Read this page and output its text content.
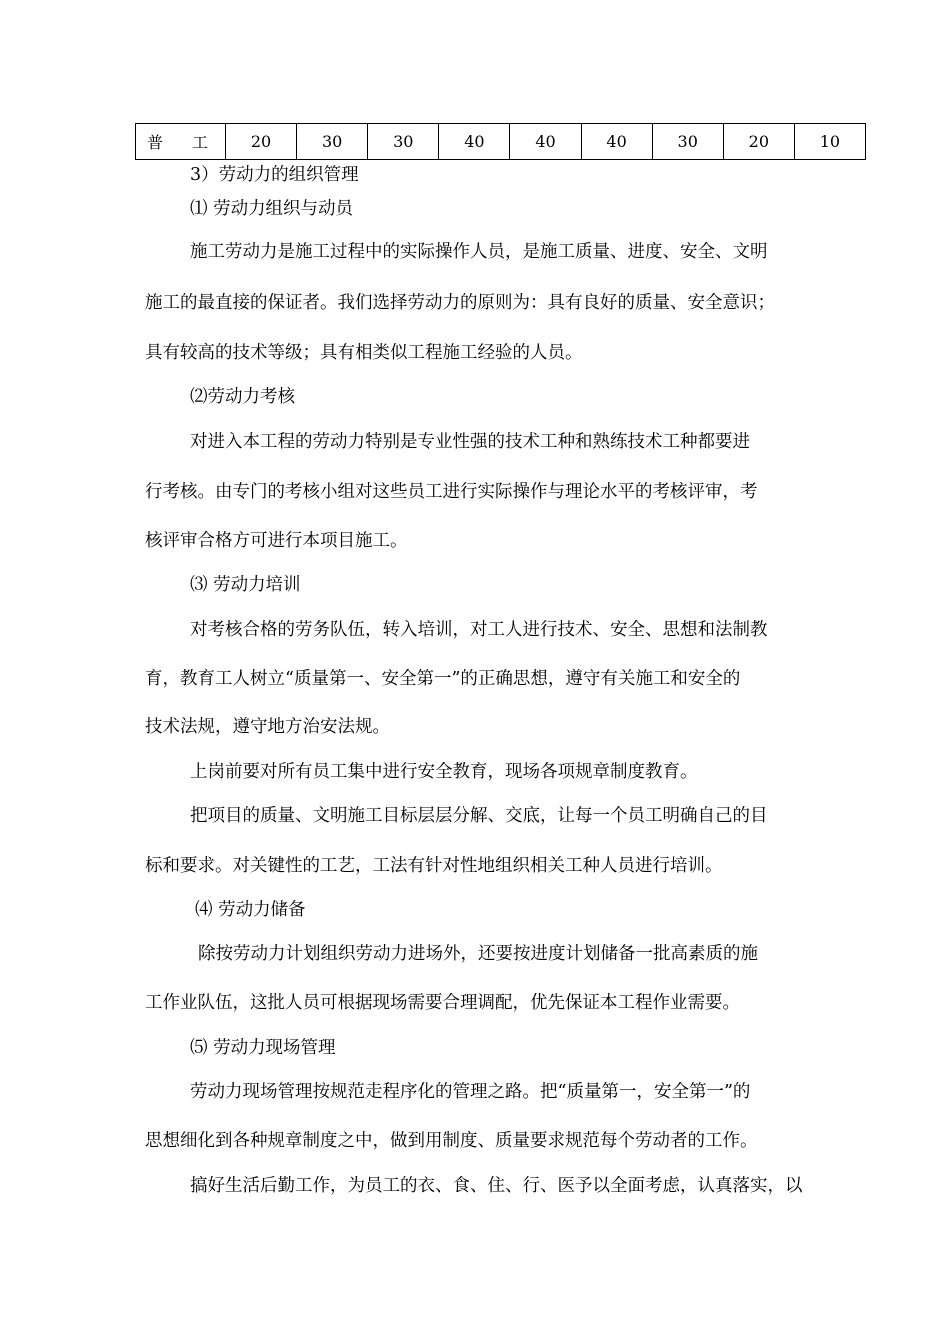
普 工	20	30	30	40	40	40	30	20	10
3）劳动力的组织管理
⑴ 劳动力组织与动员
施工劳动力是施工过程中的实际操作人员，是施工质量、进度、安全、文明
施工的最直接的保证者。我们选择劳动力的原则为：具有良好的质量、安全意识；
具有较高的技术等级；具有相类似工程施工经验的人员。
⑵劳动力考核
对进入本工程的劳动力特别是专业性强的技术工种和熟练技术工种都要进
行考核。由专门的考核小组对这些员工进行实际操作与理论水平的考核评审，考
核评审合格方可进行本项目施工。
⑶ 劳动力培训
对考核合格的劳务队伍，转入培训，对工人进行技术、安全、思想和法制教
育，教育工人树立“质量第一、安全第一”的正确思想，遵守有关施工和安全的
技术法规，遵守地方治安法规。
上岗前要对所有员工集中进行安全教育，现场各项规章制度教育。
把项目的质量、文明施工目标层层分解、交底，让每一个员工明确自己的目
标和要求。对关键性的工艺，工法有针对性地组织相关工种人员进行培训。
⑷ 劳动力储备
除按劳动力计划组织劳动力进场外，还要按进度计划储备一批高素质的施
工作业队伍，这批人员可根据现场需要合理调配，优先保证本工程作业需要。
⑸ 劳动力现场管理
劳动力现场管理按规范走程序化的管理之路。把“质量第一，安全第一”的
思想细化到各种规章制度之中，做到用制度、质量要求规范每个劳动者的工作。
搞好生活后勤工作，为员工的衣、食、住、行、医予以全面考虑，认真落实，以
